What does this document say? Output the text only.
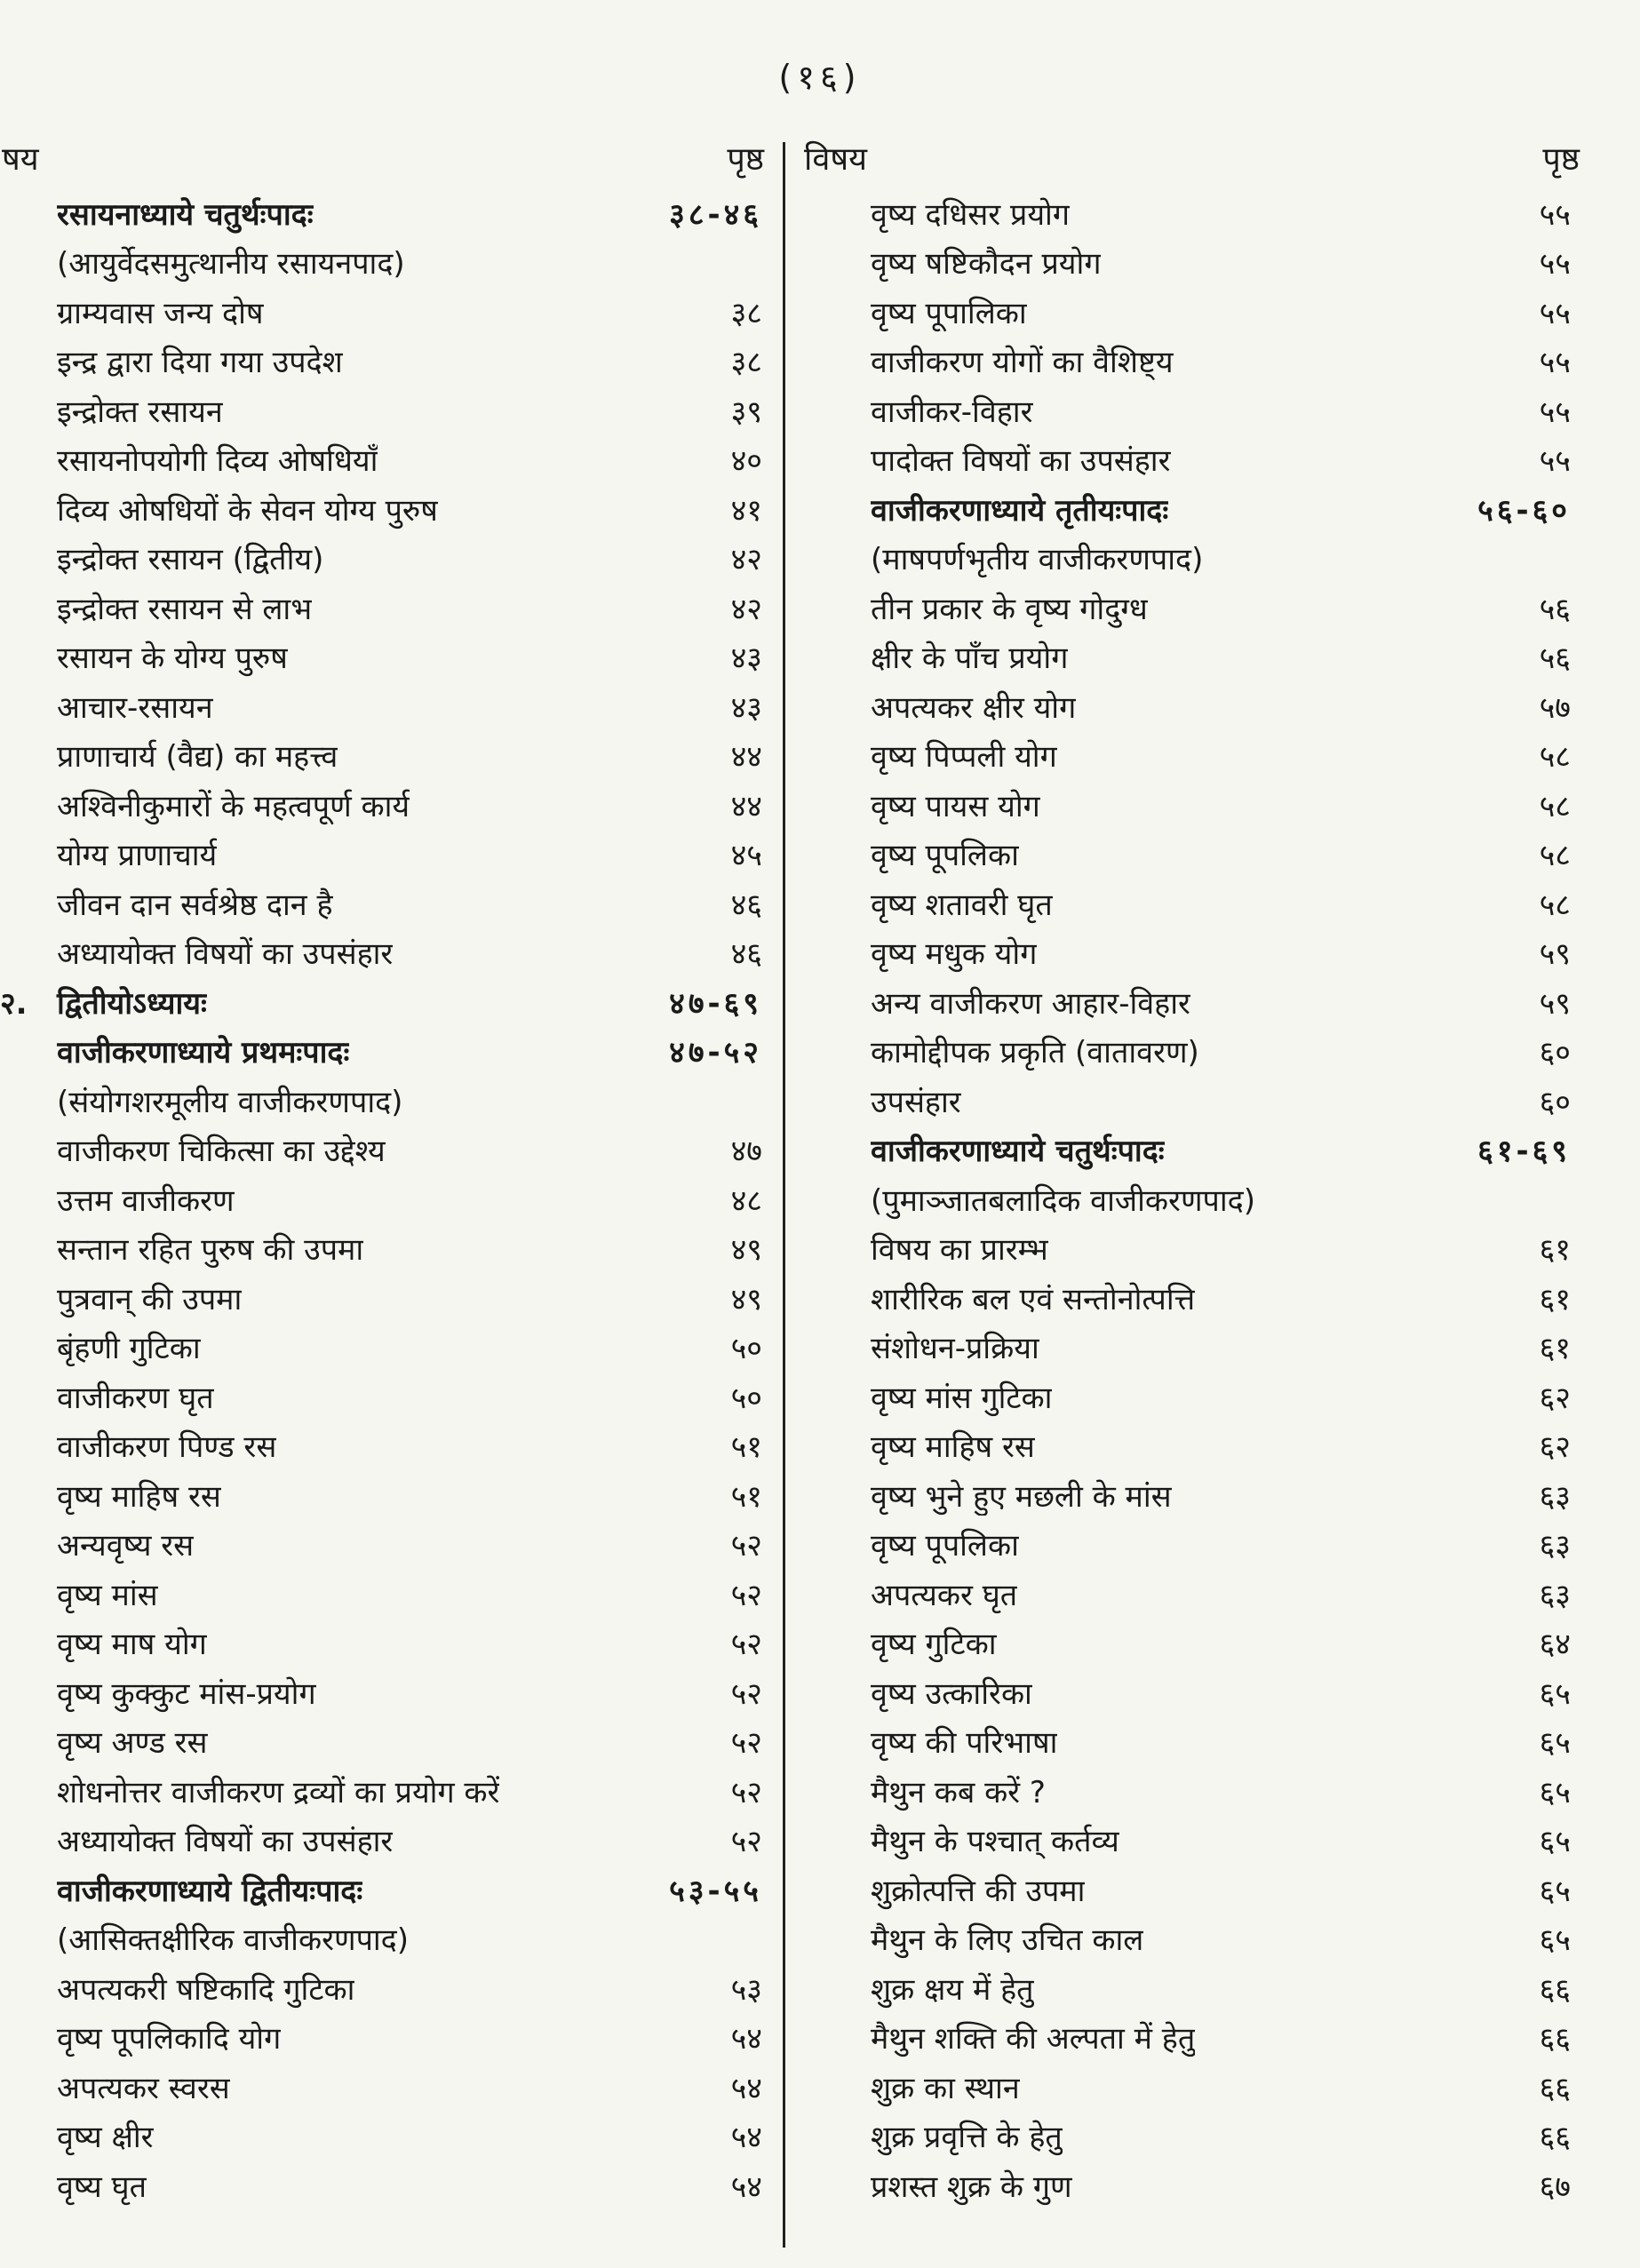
(१६)
षय	पृष्ठ
रसायनाध्याये चतुर्थःपादः	३८-४६
(आयुर्वेदसमुत्थानीय रसायनपाद)
ग्राम्यवास जन्य दोष	३८
इन्द्र द्वारा दिया गया उपदेश	३८
इन्द्रोक्त रसायन	३९
रसायनोपयोगी दिव्य ओषधियाँ	४०
दिव्य ओषधियों के सेवन योग्य पुरुष	४१
इन्द्रोक्त रसायन (द्वितीय)	४२
इन्द्रोक्त रसायन से लाभ	४२
रसायन के योग्य पुरुष	४३
आचार-रसायन	४३
प्राणाचार्य (वैद्य) का महत्त्व	४४
अश्विनीकुमारों के महत्वपूर्ण कार्य	४४
योग्य प्राणाचार्य	४५
जीवन दान सर्वश्रेष्ठ दान है	४६
अध्यायोक्त विषयों का उपसंहार	४६
२. द्वितीयोऽध्यायः	४७-६९
वाजीकरणाध्याये प्रथमःपादः	४७-५२
(संयोगशरमूलीय वाजीकरणपाद)
वाजीकरण चिकित्सा का उद्देश्य	४७
उत्तम वाजीकरण	४८
सन्तान रहित पुरुष की उपमा	४९
पुत्रवान् की उपमा	४९
बृंहणी गुटिका	५०
वाजीकरण घृत	५०
वाजीकरण पिण्ड रस	५१
वृष्य माहिष रस	५१
अन्यवृष्य रस	५२
वृष्य मांस	५२
वृष्य माष योग	५२
वृष्य कुक्कुट मांस-प्रयोग	५२
वृष्य अण्ड रस	५२
शोधनोत्तर वाजीकरण द्रव्यों का प्रयोग करें	५२
अध्यायोक्त विषयों का उपसंहार	५२
वाजीकरणाध्याये द्वितीयःपादः	५३-५५
(आसिक्तक्षीरिक वाजीकरणपाद)
अपत्यकरी षष्टिकादि गुटिका	५३
वृष्य पूपलिकादि योग	५४
अपत्यकर स्वरस	५४
वृष्य क्षीर	५४
वृष्य घृत	५४
विषय	पृष्ठ
वृष्य दधिसर प्रयोग	५५
वृष्य षष्टिकौदन प्रयोग	५५
वृष्य पूपालिका	५५
वाजीकरण योगों का वैशिष्ट्य	५५
वाजीकर-विहार	५५
पादोक्त विषयों का उपसंहार	५५
वाजीकरणाध्याये तृतीयःपादः	५६-६०
(माषपर्णभृतीय वाजीकरणपाद)
तीन प्रकार के वृष्य गोदुग्ध	५६
क्षीर के पाँच प्रयोग	५६
अपत्यकर क्षीर योग	५७
वृष्य पिप्पली योग	५८
वृष्य पायस योग	५८
वृष्य पूपलिका	५८
वृष्य शतावरी घृत	५८
वृष्य मधुक योग	५९
अन्य वाजीकरण आहार-विहार	५९
कामोद्दीपक प्रकृति (वातावरण)	६०
उपसंहार	६०
वाजीकरणाध्याये चतुर्थःपादः	६१-६९
(पुमाञ्जातबलादिक वाजीकरणपाद)
विषय का प्रारम्भ	६१
शारीरिक बल एवं सन्तोनोत्पत्ति	६१
संशोधन-प्रक्रिया	६१
वृष्य मांस गुटिका	६२
वृष्य माहिष रस	६२
वृष्य भुने हुए मछली के मांस	६३
वृष्य पूपलिका	६३
अपत्यकर घृत	६३
वृष्य गुटिका	६४
वृष्य उत्कारिका	६५
वृष्य की परिभाषा	६५
मैथुन कब करें ?	६५
मैथुन के पश्चात् कर्तव्य	६५
शुक्रोत्पत्ति की उपमा	६५
मैथुन के लिए उचित काल	६५
शुक्र क्षय में हेतु	६६
मैथुन शक्ति की अल्पता में हेतु	६६
शुक्र का स्थान	६६
शुक्र प्रवृत्ति के हेतु	६६
प्रशस्त शुक्र के गुण	६७
